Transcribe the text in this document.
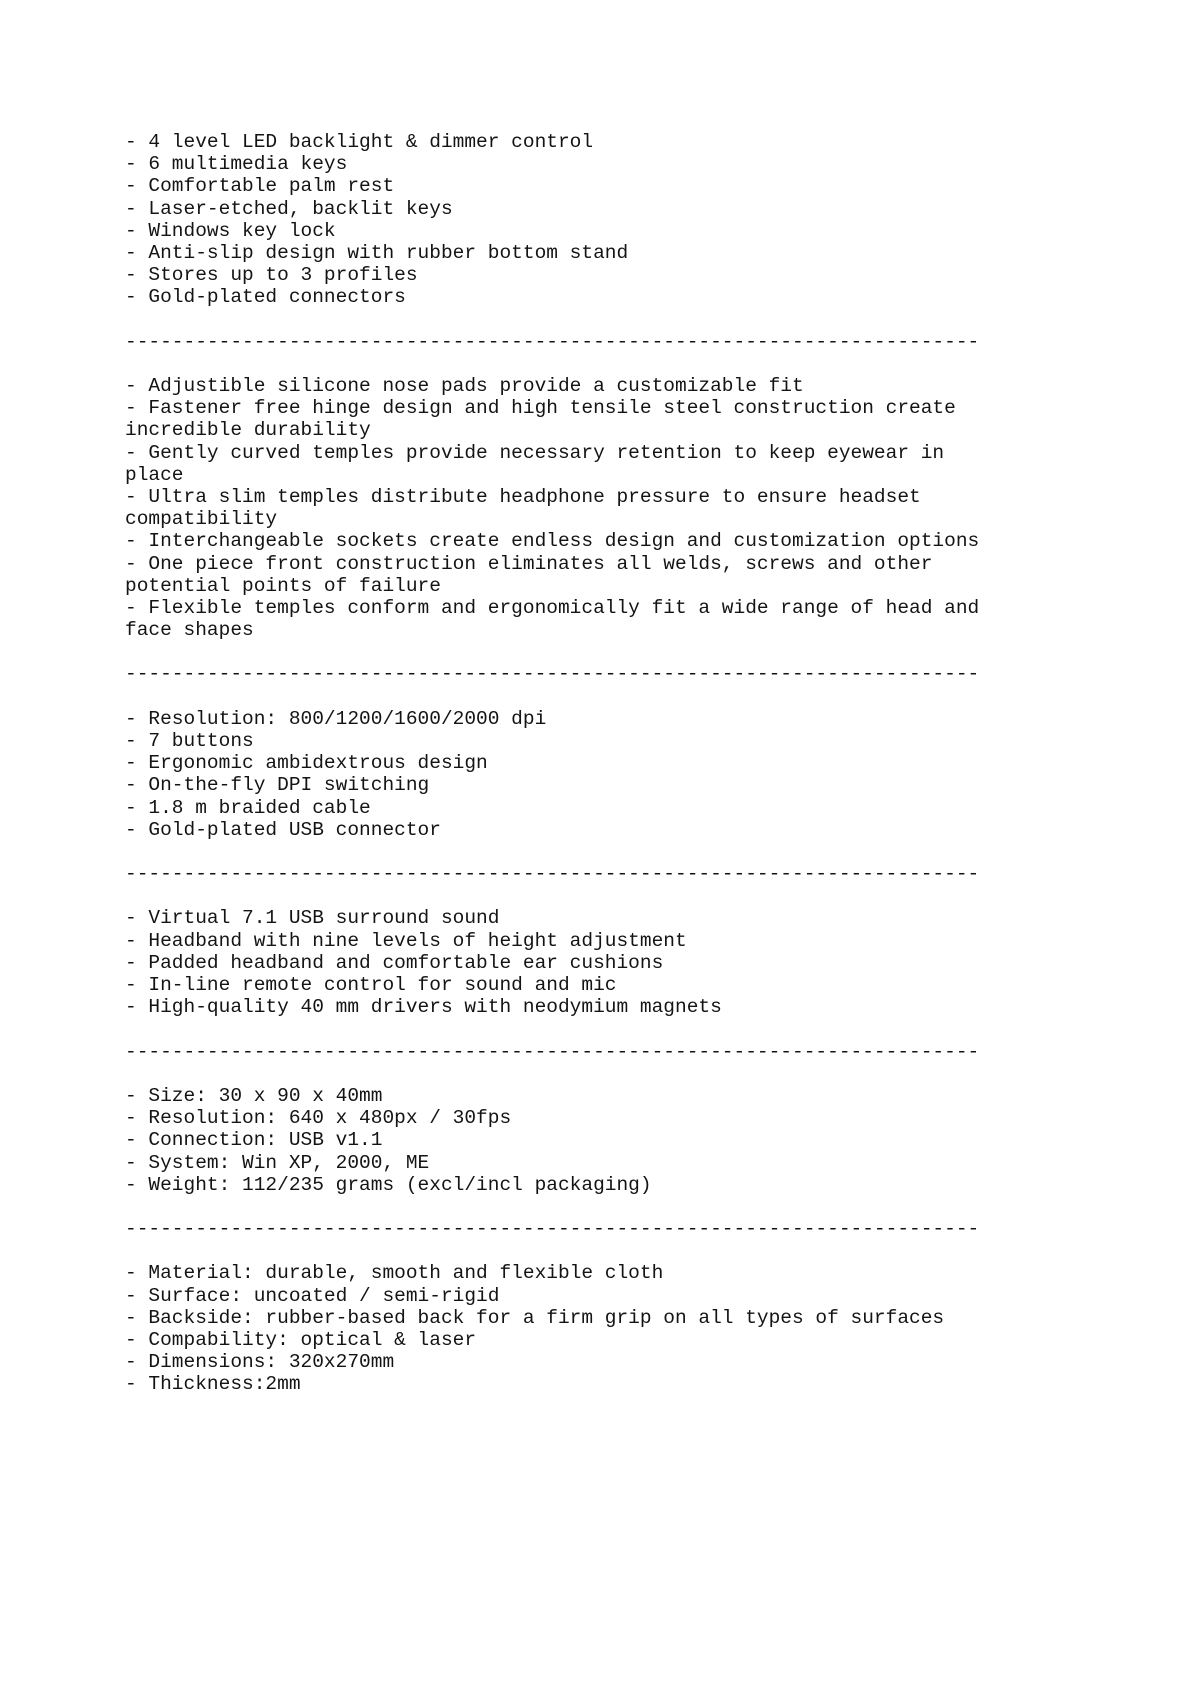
- 4 level LED backlight & dimmer control
- 6 multimedia keys
- Comfortable palm rest
- Laser-etched, backlit keys
- Windows key lock
- Anti-slip design with rubber bottom stand
- Stores up to 3 profiles
- Gold-plated connectors
-------------------------------------------------------------------------
- Adjustible silicone nose pads provide a customizable fit
- Fastener free hinge design and high tensile steel construction create incredible durability
- Gently curved temples provide necessary retention to keep eyewear in place
- Ultra slim temples distribute headphone pressure to ensure headset compatibility
- Interchangeable sockets create endless design and customization options
- One piece front construction eliminates all welds, screws and other potential points of failure
- Flexible temples conform and ergonomically fit a wide range of head and face shapes
-------------------------------------------------------------------------
- Resolution: 800/1200/1600/2000 dpi
- 7 buttons
- Ergonomic ambidextrous design
- On-the-fly DPI switching
- 1.8 m braided cable
- Gold-plated USB connector
-------------------------------------------------------------------------
- Virtual 7.1 USB surround sound
- Headband with nine levels of height adjustment
- Padded headband and comfortable ear cushions
- In-line remote control for sound and mic
- High-quality 40 mm drivers with neodymium magnets
-------------------------------------------------------------------------
- Size: 30 x 90 x 40mm
- Resolution: 640 x 480px / 30fps
- Connection: USB v1.1
- System: Win XP, 2000, ME
- Weight: 112/235 grams (excl/incl packaging)
-------------------------------------------------------------------------
- Material: durable, smooth and flexible cloth
- Surface: uncoated / semi-rigid
- Backside: rubber-based back for a firm grip on all types of surfaces
- Compability: optical & laser
- Dimensions: 320x270mm
- Thickness:2mm
